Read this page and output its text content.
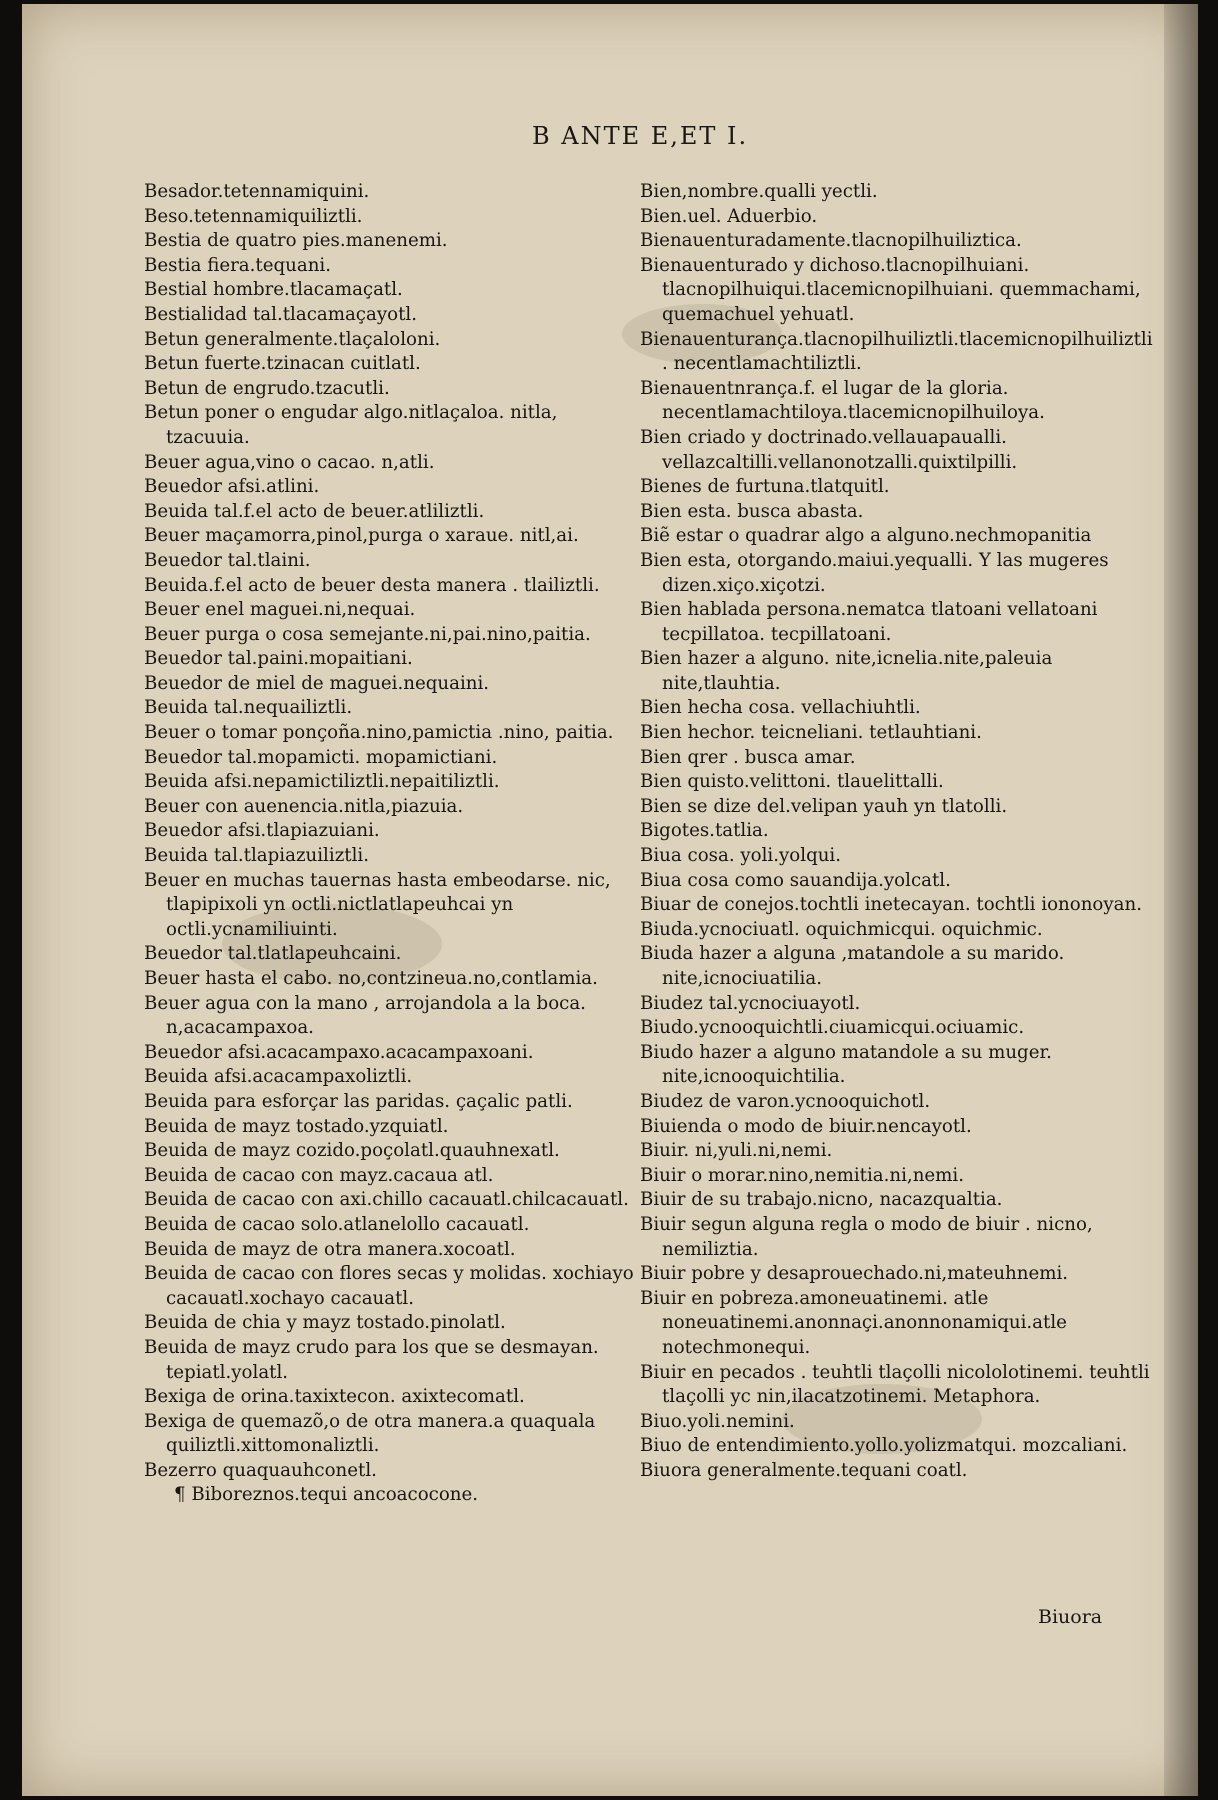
B ANTE E,ET I.

Besador.tetennamiquini.

Beso.tetennamiquiliztli.

Bestia de quatro pies.manenemi.

Bestia fiera.tequani.

Bestial hombre.tlacamaçatl.

Bestialidad tal.tlacamaçayotl.

Betun generalmente.tlaçaloloni.

Betun fuerte.tzinacan cuitlatl.

Betun de engrudo.tzacutli.

Betun poner o engudar algo.nitlaçaloa. nitla, tzacuuia.

Beuer agua,vino o cacao. n,atli.

Beuedor afsi.atlini.

Beuida tal.f.el acto de beuer.atliliztli.

Beuer maçamorra,pinol,purga o xaraue. nitl,ai.

Beuedor tal.tlaini.

Beuida.f.el acto de beuer desta manera . tlailiztli.

Beuer enel maguei.ni,nequai.

Beuer purga o cosa semejante.ni,pai.nino,paitia.

Beuedor tal.paini.mopaitiani.

Beuedor de miel de maguei.nequaini.

Beuida tal.nequailiztli.

Beuer o tomar ponçoña.nino,pamictia .nino, paitia.

Beuedor tal.mopamicti. mopamictiani.

Beuida afsi.nepamictiliztli.nepaitiliztli.

Beuer con auenencia.nitla,piazuia.

Beuedor afsi.tlapiazuiani.

Beuida tal.tlapiazuiliztli.

Beuer en muchas tauernas hasta embeodarse. nic, tlapipixoli yn octli.nictlatlapeuhcai yn octli.ycnamiliuinti.

Beuedor tal.tlatlapeuhcaini.

Beuer hasta el cabo. no,contzineua.no,contlamia.

Beuer agua con la mano , arrojandola a la boca. n,acacampaxoa.

Beuedor afsi.acacampaxo.acacampaxoani.

Beuida afsi.acacampaxoliztli.

Beuida para esforçar las paridas. çaçalic patli.

Beuida de mayz tostado.yzquiatl.

Beuida de mayz cozido.poçolatl.quauhnexatl.

Beuida de cacao con mayz.cacaua atl.

Beuida de cacao con axi.chillo cacauatl.chilcacauatl.

Beuida de cacao solo.atlanelollo cacauatl.

Beuida de mayz de otra manera.xocoatl.

Beuida de cacao con flores secas y molidas. xochiayo cacauatl.xochayo cacauatl.

Beuida de chia y mayz tostado.pinolatl.

Beuida de mayz crudo para los que se desmayan. tepiatl.yolatl.

Bexiga de orina.taxixtecon. axixtecomatl.

Bexiga de quemazõ,o de otra manera.a quaquala quiliztli.xittomonaliztli.

Bezerro quaquauhconetl.

¶ Biboreznos.tequi ancoacocone.

Bien,nombre.qualli yectli.

Bien.uel. Aduerbio.

Bienauenturadamente.tlacnopilhuiliztica.

Bienauenturado y dichoso.tlacnopilhuiani. tlacnopilhuiqui.tlacemicnopilhuiani. quemmachami, quemachuel yehuatl.

Bienauenturança.tlacnopilhuiliztli.tlacemicnopilhuiliztli . necentlamachtiliztli.

Bienauentnrança.f. el lugar de la gloria. necentlamachtiloya.tlacemicnopilhuiloya.

Bien criado y doctrinado.vellauapaualli. vellazcaltilli.vellanonotzalli.quixtilpilli.

Bienes de furtuna.tlatquitl.

Bien esta. busca abasta.

Biẽ estar o quadrar algo a alguno.nechmopanitia

Bien esta, otorgando.maiui.yequalli. Y las mugeres dizen.xiço.xiçotzi.

Bien hablada persona.nematca tlatoani vellatoani tecpillatoa. tecpillatoani.

Bien hazer a alguno. nite,icnelia.nite,paleuia nite,tlauhtia.

Bien hecha cosa. vellachiuhtli.

Bien hechor. teicneliani. tetlauhtiani.

Bien qrer . busca amar.

Bien quisto.velittoni. tlauelittalli.

Bien se dize del.velipan yauh yn tlatolli.

Bigotes.tatlia.

Biua cosa. yoli.yolqui.

Biua cosa como sauandija.yolcatl.

Biuar de conejos.tochtli inetecayan. tochtli iononoyan.

Biuda.ycnociuatl. oquichmicqui. oquichmic.

Biuda hazer a alguna ,matandole a su marido. nite,icnociuatilia.

Biudez tal.ycnociuayotl.

Biudo.ycnooquichtli.ciuamicqui.ociuamic.

Biudo hazer a alguno matandole a su muger. nite,icnooquichtilia.

Biudez de varon.ycnooquichotl.

Biuienda o modo de biuir.nencayotl.

Biuir. ni,yuli.ni,nemi.

Biuir o morar.nino,nemitia.ni,nemi.

Biuir de su trabajo.nicno, nacazqualtia.

Biuir segun alguna regla o modo de biuir . nicno, nemiliztia.

Biuir pobre y desaprouechado.ni,mateuhnemi.

Biuir en pobreza.amoneuatinemi. atle noneuatinemi.anonnaçi.anonnonamiqui.atle notechmonequi.

Biuir en pecados . teuhtli tlaçolli nicololotinemi. teuhtli tlaçolli yc nin,ilacatzotinemi. Metaphora.

Biuo.yoli.nemini.

Biuo de entendimiento.yollo.yolizmatqui. mozcaliani.

Biuora generalmente.tequani coatl.

Biuora
